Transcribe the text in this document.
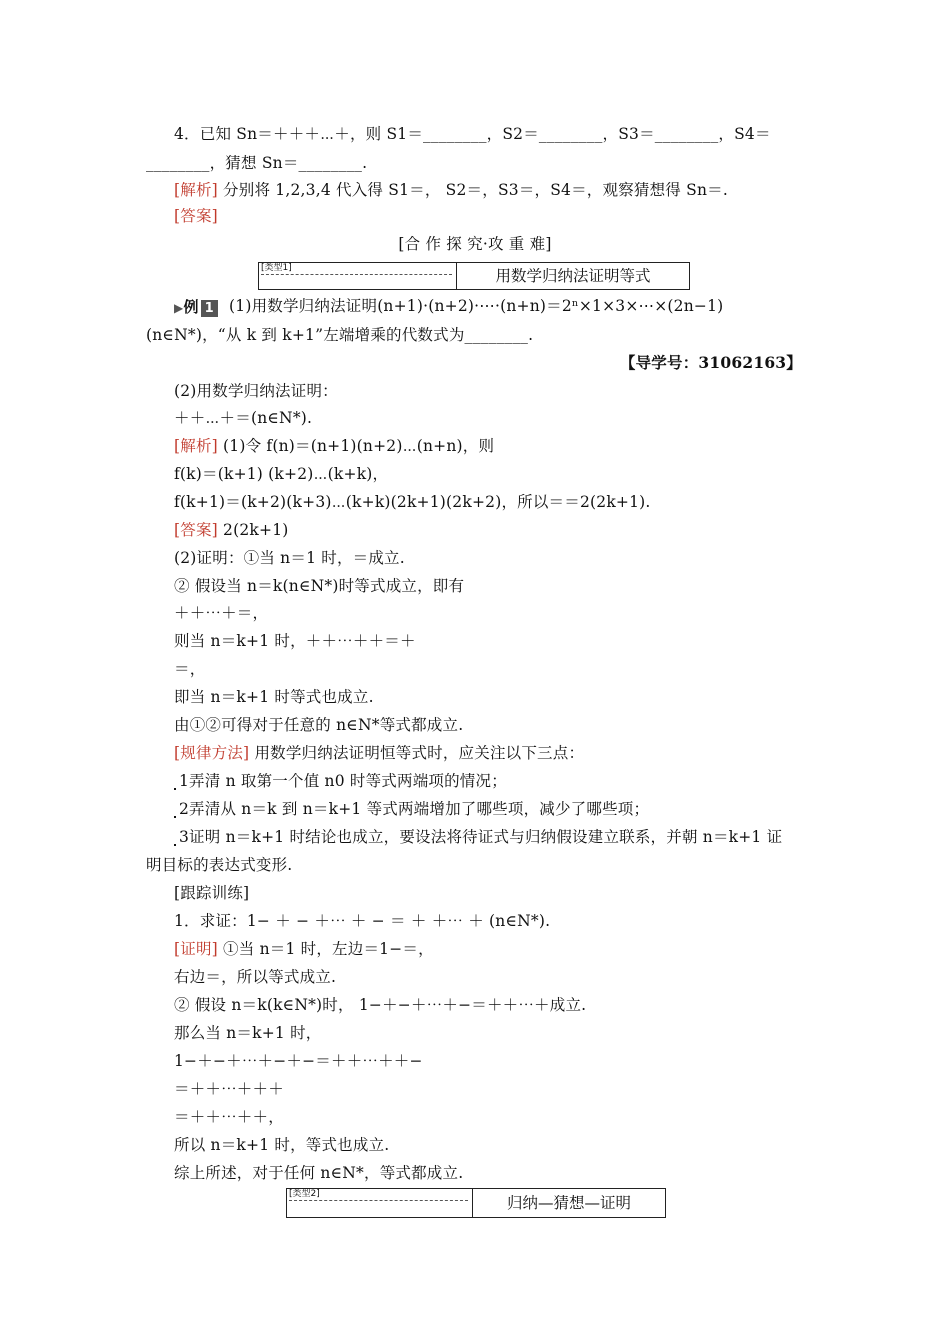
4．已知 Sn＝＋＋＋⋯＋，则 S1＝________，S2＝________，S3＝________，S4＝
________，猜想 Sn＝________.
[解析] 分别将 1,2,3,4 代入得 S1＝， S2＝，S3＝，S4＝，观察猜想得 Sn＝.
[答案]
[合 作 探 究·攻 重 难]
[类型1]	用数学归纳法证明等式
▶例 1 (1)用数学归纳法证明(n+1)·(n+2)·⋯·(n+n)＝2ⁿ×1×3×⋯×(2n−1)
(n∈N*)，“从 k 到 k+1”左端增乘的代数式为________.
【导学号：31062163】
(2)用数学归纳法证明：
＋＋⋯＋＝(n∈N*).
[解析] (1)令 f(n)＝(n+1)(n+2)⋯(n+n)，则
f(k)＝(k+1) (k+2)⋯(k+k)，
f(k+1)＝(k+2)(k+3)⋯(k+k)(2k+1)(2k+2)，所以＝＝2(2k+1).
[答案] 2(2k+1)
(2)证明：①当 n＝1 时，＝成立.
② 假设当 n＝k(n∈N*)时等式成立，即有
＋＋⋯＋＝，
则当 n＝k+1 时，＋＋⋯＋＋＝＋
＝，
即当 n＝k+1 时等式也成立.
由①②可得对于任意的 n∈N*等式都成立.
[规律方法] 用数学归纳法证明恒等式时，应关注以下三点：
1弄清 n 取第一个值 n0 时等式两端项的情况；
2弄清从 n＝k 到 n＝k+1 等式两端增加了哪些项，减少了哪些项；
3证明 n＝k+1 时结论也成立，要设法将待证式与归纳假设建立联系，并朝 n＝k+1 证
明目标的表达式变形.
[跟踪训练]
1．求证：1− ＋ − ＋⋯ ＋ − ＝ ＋ ＋⋯ ＋ (n∈N*).
[证明] ①当 n＝1 时，左边＝1−＝，
右边＝，所以等式成立.
② 假设 n＝k(k∈N*)时， 1−＋−＋⋯＋−＝＋＋⋯＋成立.
那么当 n＝k+1 时，
1−＋−＋⋯＋−＋−＝＋＋⋯＋＋−
＝＋＋⋯＋＋＋
＝＋＋⋯＋＋，
所以 n＝k+1 时，等式也成立.
综上所述，对于任何 n∈N*，等式都成立.
[类型2]	归纳—猜想—证明
